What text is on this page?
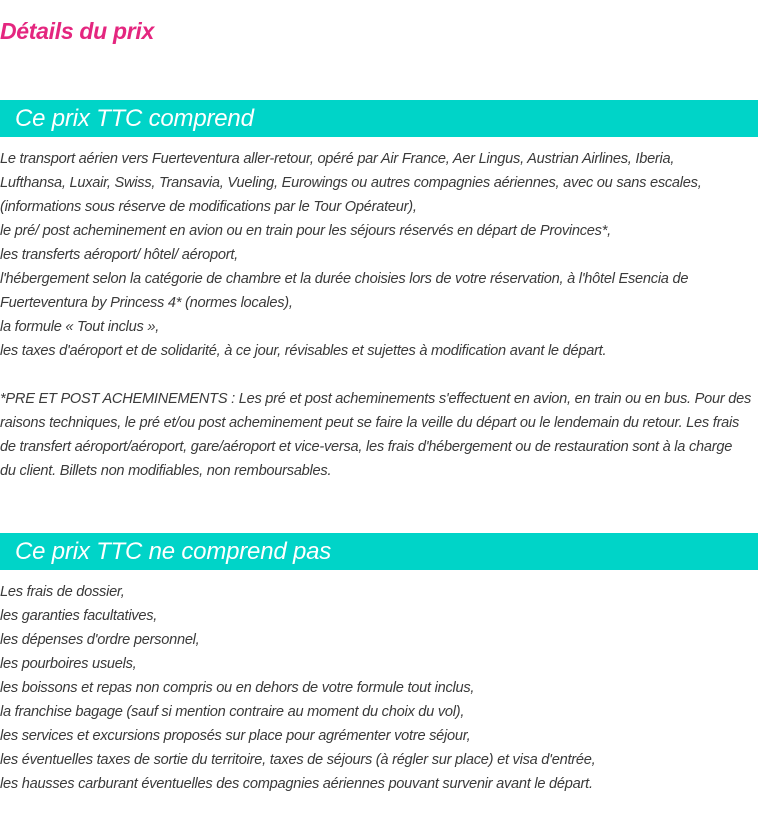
Détails du prix
Ce prix TTC comprend
Le transport aérien vers Fuerteventura aller-retour, opéré par Air France, Aer Lingus, Austrian Airlines, Iberia,
Lufthansa, Luxair, Swiss, Transavia, Vueling, Eurowings ou autres compagnies aériennes, avec ou sans escales,
(informations sous réserve de modifications par le Tour Opérateur),
le pré/ post acheminement en avion ou en train pour les séjours réservés en départ de Provinces*,
les transferts aéroport/ hôtel/ aéroport,
l'hébergement selon la catégorie de chambre et la durée choisies lors de votre réservation, à l'hôtel Esencia de
Fuerteventura by Princess 4* (normes locales),
la formule « Tout inclus »,
les taxes d'aéroport et de solidarité, à ce jour, révisables et sujettes à modification avant le départ.
*PRE ET POST ACHEMINEMENTS : Les pré et post acheminements s'effectuent en avion, en train ou en bus. Pour des
raisons techniques, le pré et/ou post acheminement peut se faire la veille du départ ou le lendemain du retour. Les frais
de transfert aéroport/aéroport, gare/aéroport et vice-versa, les frais d'hébergement ou de restauration sont à la charge
du client. Billets non modifiables, non remboursables.
Ce prix TTC ne comprend pas
Les frais de dossier,
les garanties facultatives,
les dépenses d'ordre personnel,
les pourboires usuels,
les boissons et repas non compris ou en dehors de votre formule tout inclus,
la franchise bagage (sauf si mention contraire au moment du choix du vol),
les services et excursions proposés sur place pour agrémenter votre séjour,
les éventuelles taxes de sortie du territoire, taxes de séjours (à régler sur place) et visa d'entrée,
les hausses carburant éventuelles des compagnies aériennes pouvant survenir avant le départ.
